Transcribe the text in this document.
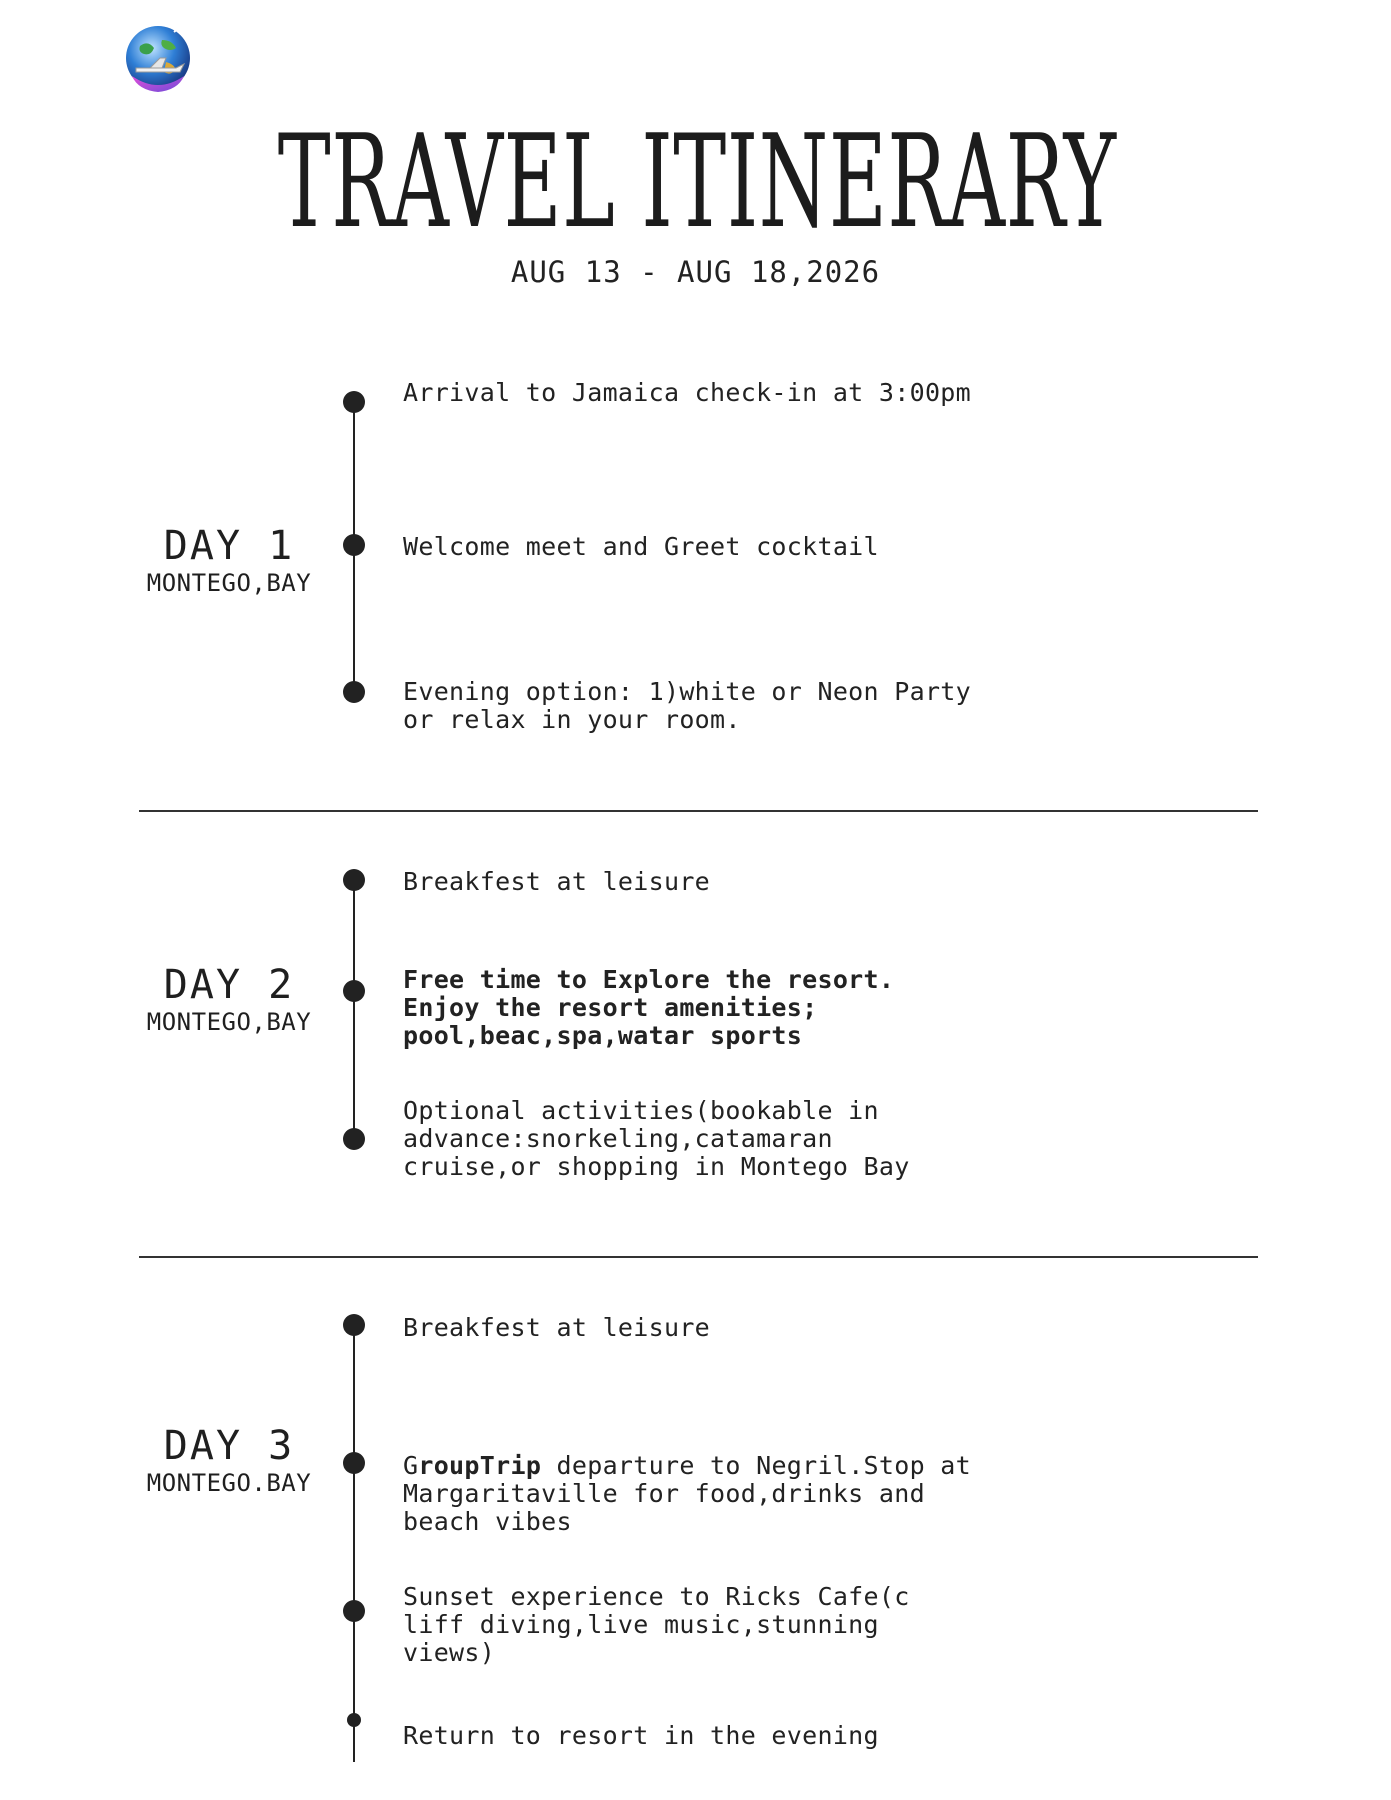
TRAVEL ITINERARY
AUG 13 - AUG 18,2026
DAY 1
MONTEGO,BAY
Arrival to Jamaica check-in at 3:00pm
Welcome meet and Greet cocktail
Evening option: 1)white or Neon Party
or relax in your room.
DAY 2
MONTEGO,BAY
Breakfest at leisure
Free time to Explore the resort.
Enjoy the resort amenities;
pool,beac,spa,watar sports
Optional activities(bookable in
advance:snorkeling,catamaran
cruise,or shopping in Montego Bay
DAY 3
MONTEGO.BAY
Breakfest at leisure
GroupTrip departure to Negril.Stop at
Margaritaville for food,drinks and
beach vibes
Sunset experience to Ricks Cafe(c
liff diving,live music,stunning
views)
Return to resort in the evening
